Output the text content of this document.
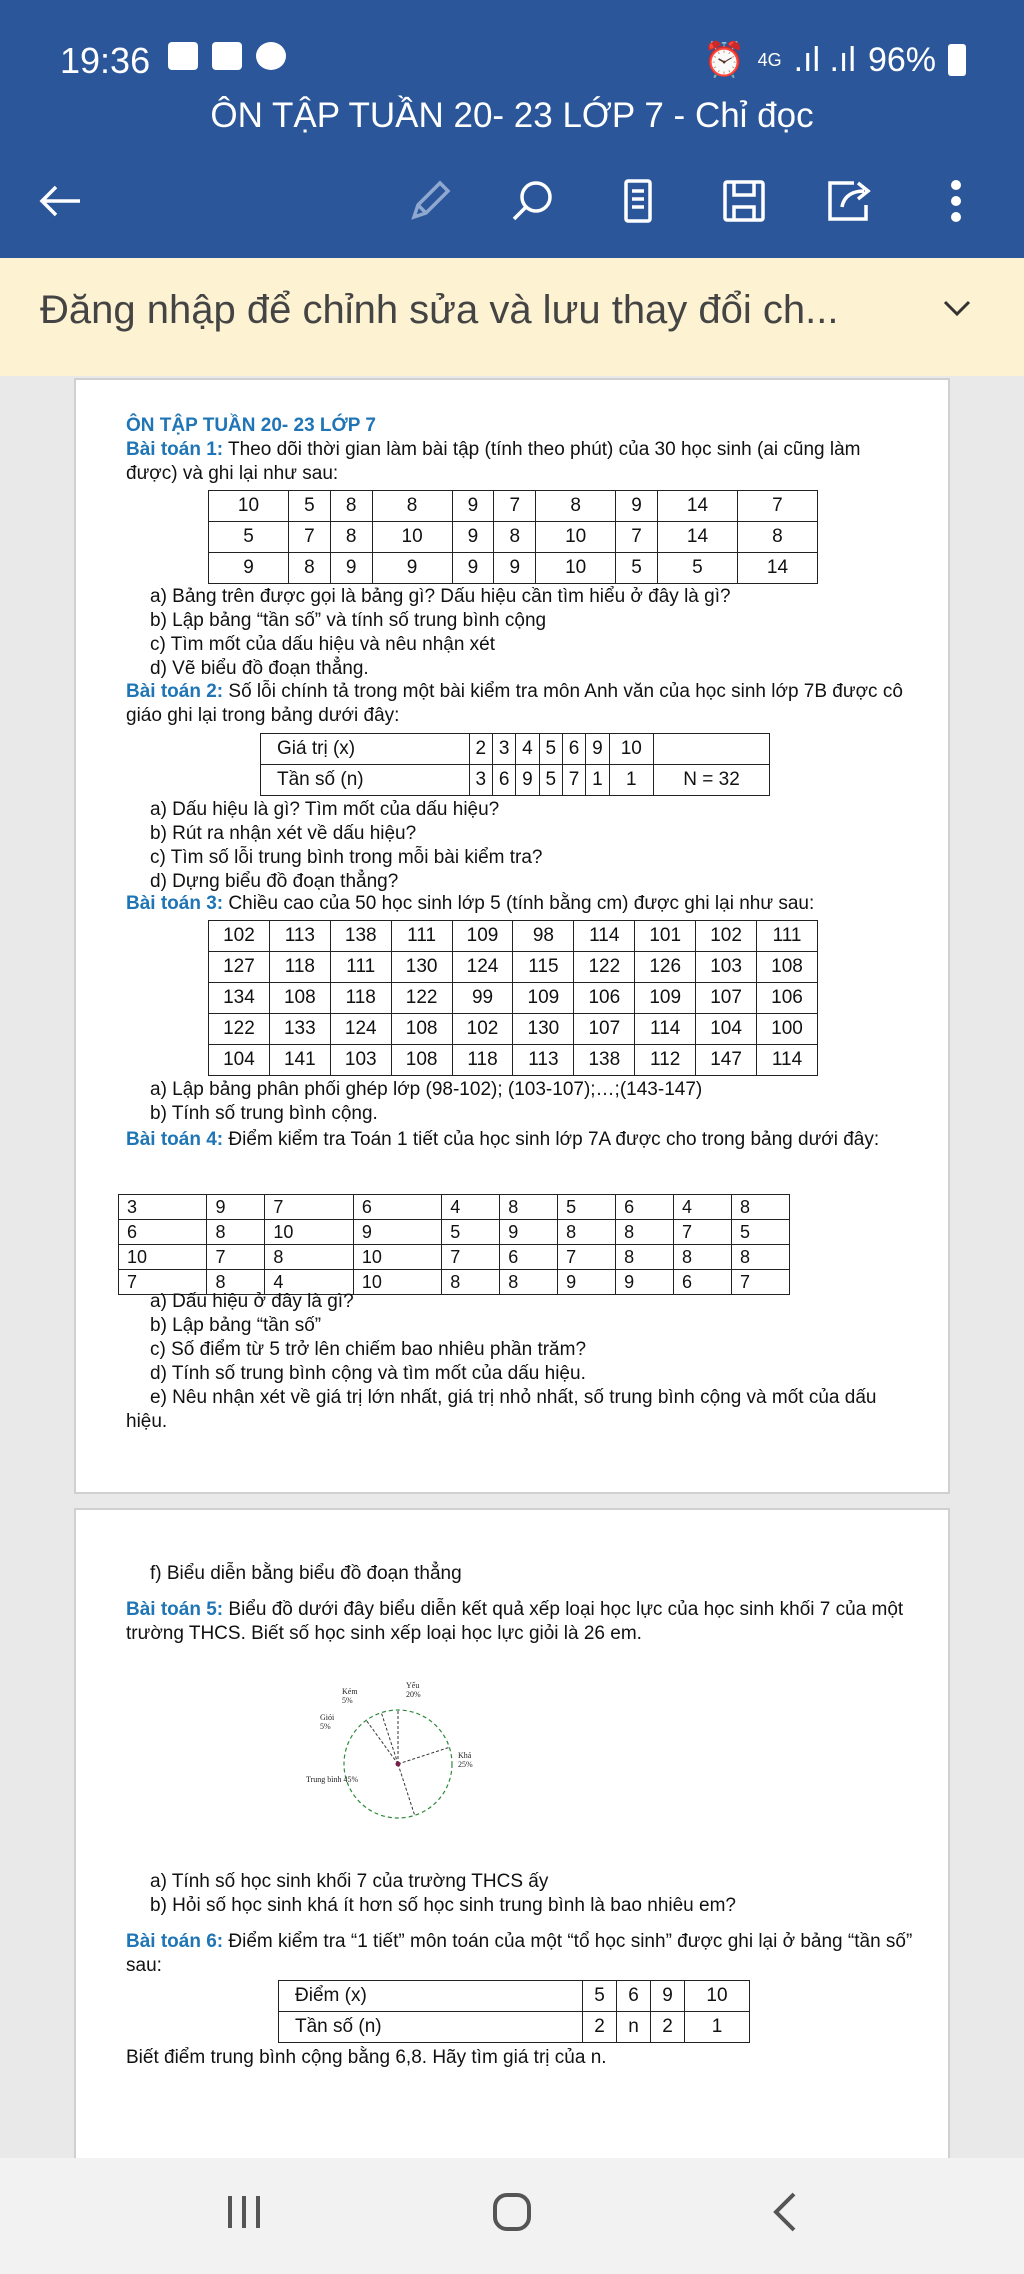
19:36	⏰ 4G .ıl .ıl 96%
ÔN TẬP TUẦN 20- 23 LỚP 7 - Chỉ đọc
Đăng nhập để chỉnh sửa và lưu thay đổi ch...
ÔN TẬP TUẦN 20- 23 LỚP 7
Bài toán 1: Theo dõi thời gian làm bài tập (tính theo phút) của 30 học sinh (ai cũng làm được) và ghi lại như sau:
10	5	8	8	9	7	8	9	14	7
5	7	8	10	9	8	10	7	14	8
9	8	9	9	9	9	10	5	5	14
a) Bảng trên được gọi là bảng gì? Dấu hiệu cần tìm hiểu ở đây là gì?
b) Lập bảng “tần số” và tính số trung bình cộng
c) Tìm mốt của dấu hiệu và nêu nhận xét
d) Vẽ biểu đồ đoạn thẳng.
Bài toán 2: Số lỗi chính tả trong một bài kiểm tra môn Anh văn của học sinh lớp 7B được cô giáo ghi lại trong bảng dưới đây:
Giá trị (x)	2	3	4	5	6	9	10	
Tần số (n)	3	6	9	5	7	1	1	N = 32
a) Dấu hiệu là gì? Tìm mốt của dấu hiệu?
b) Rút ra nhận xét về dấu hiệu?
c) Tìm số lỗi trung bình trong mỗi bài kiểm tra?
d) Dựng biểu đồ đoạn thẳng?
Bài toán 3: Chiều cao của 50 học sinh lớp 5 (tính bằng cm) được ghi lại như sau:
102	113	138	111	109	98	114	101	102	111
127	118	111	130	124	115	122	126	103	108
134	108	118	122	99	109	106	109	107	106
122	133	124	108	102	130	107	114	104	100
104	141	103	108	118	113	138	112	147	114
a) Lập bảng phân phối ghép lớp (98-102); (103-107);…;(143-147)
b) Tính số trung bình cộng.
Bài toán 4: Điểm kiểm tra Toán 1 tiết của học sinh lớp 7A được cho trong bảng dưới đây:
3	9	7	6	4	8	5	6	4	8
6	8	10	9	5	9	8	8	7	5
10	7	8	10	7	6	7	8	8	8
7	8	4	10	8	8	9	9	6	7
a) Dấu hiệu ở đây là gì?
b) Lập bảng “tần số”
c) Số điểm từ 5 trở lên chiếm bao nhiêu phần trăm?
d) Tính số trung bình cộng và tìm mốt của dấu hiệu.
e) Nêu nhận xét về giá trị lớn nhất, giá trị nhỏ nhất, số trung bình cộng và mốt của dấu hiệu.
f) Biểu diễn bằng biểu đồ đoạn thẳng
Bài toán 5: Biểu đồ dưới đây biểu diễn kết quả xếp loại học lực của học sinh khối 7 của một trường THCS. Biết số học sinh xếp loại học lực giỏi là 26 em.
Kém 5%
Yếu 20%
Khá 25%
Trung bình 45%
Giỏi 5%
a) Tính số học sinh khối 7 của trường THCS ấy
b) Hỏi số học sinh khá ít hơn số học sinh trung bình là bao nhiêu em?
Bài toán 6: Điểm kiểm tra “1 tiết” môn toán của một “tổ học sinh” được ghi lại ở bảng “tần số” sau:
Điểm (x)	5	6	9	10
Tần số (n)	2	n	2	1
Biết điểm trung bình cộng bằng 6,8. Hãy tìm giá trị của n.
